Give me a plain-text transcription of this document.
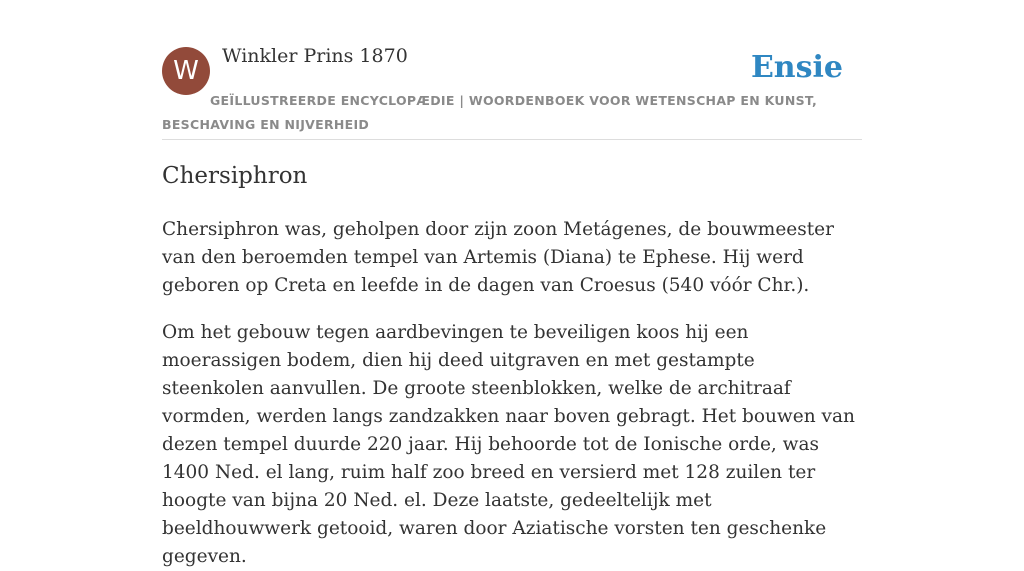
W	Winkler Prins 1870	Ensie
GEÏLLUSTREERDE ENCYCLOPÆDIE | WOORDENBOEK VOOR WETENSCHAP EN KUNST, BESCHAVING EN NIJVERHEID
Chersiphron

Chersiphron was, geholpen door zijn zoon Metágenes, de bouwmeester van den beroemden tempel van Artemis (Diana) te Ephese. Hij werd geboren op Creta en leefde in de dagen van Croesus (540 vóór Chr.).

Om het gebouw tegen aardbevingen te beveiligen koos hij een moerassigen bodem, dien hij deed uitgraven en met gestampte steenkolen aanvullen. De groote steenblokken, welke de architraaf vormden, werden langs zandzakken naar boven gebragt. Het bouwen van dezen tempel duurde 220 jaar. Hij behoorde tot de Ionische orde, was 1400 Ned. el lang, ruim half zoo breed en versierd met 128 zuilen ter hoogte van bijna 20 Ned. el. Deze laatste, gedeeltelijk met beeldhouwwerk getooid, waren door Aziatische vorsten ten geschenke gegeven.
